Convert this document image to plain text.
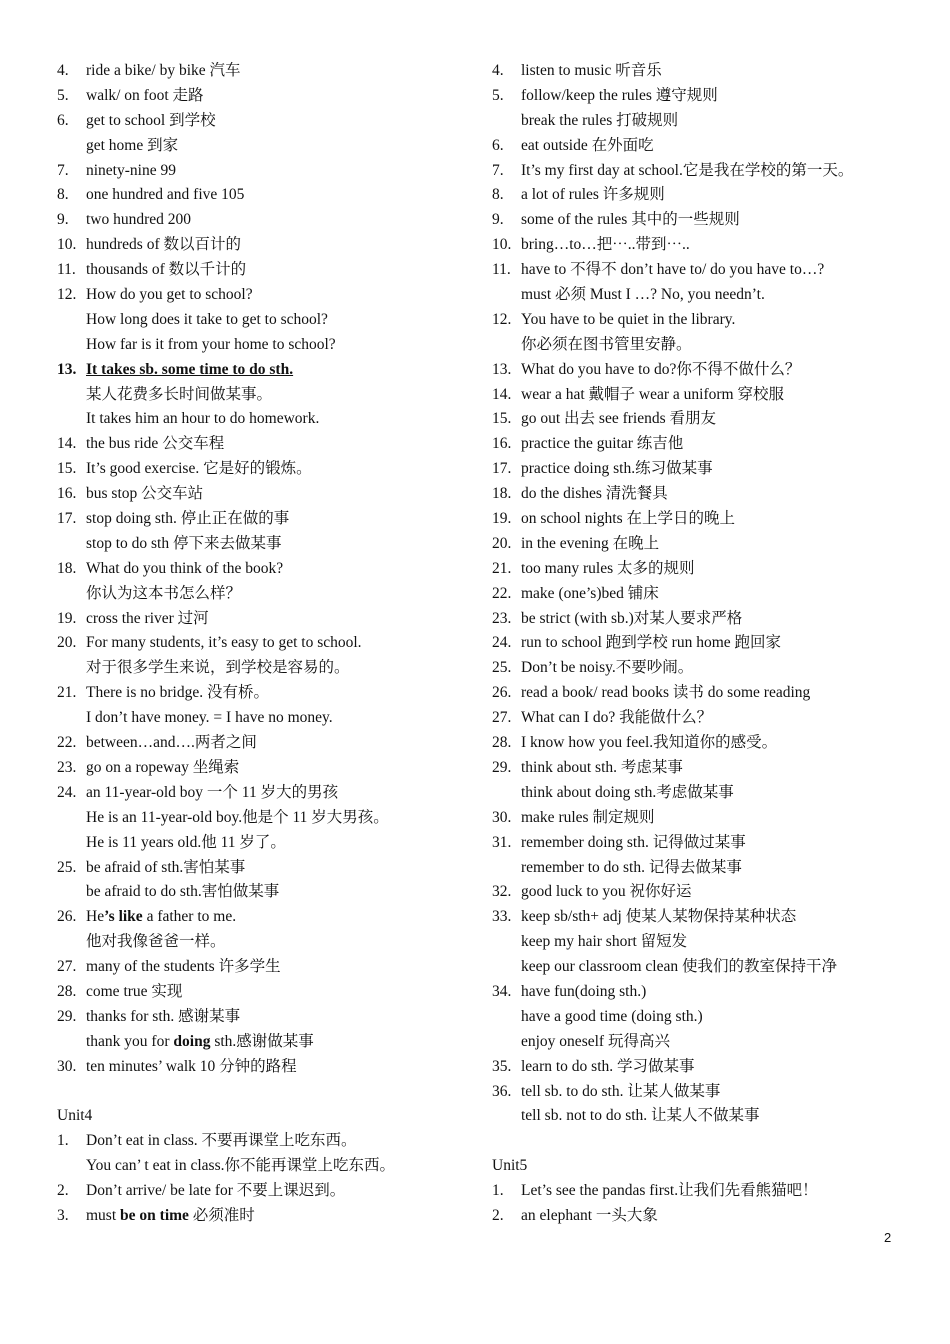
4. ride a bike/ by bike 汽车
5. walk/ on foot 走路
6. get to school 到学校
get home 到家
7. ninety-nine 99
8. one hundred and five 105
9. two hundred 200
10. hundreds of 数以百计的
11. thousands of 数以千计的
12. How do you get to school?
How long does it take to get to school?
How far is it from your home to school?
13. It takes sb. some time to do sth.
某人花费多长时间做某事。
It takes him an hour to do homework.
14. the bus ride 公交车程
15. It’s good exercise. 它是好的锻炼。
16. bus stop 公交车站
17. stop doing sth. 停止正在做的事
stop to do sth 停下来去做某事
18. What do you think of the book?
你认为这本书怎么样？
19. cross the river 过河
20. For many students, it’s easy to get to school.
对于很多学生来说，到学校是容易的。
21. There is no bridge. 没有桥。
I don’t have money. = I have no money.
22. between…and….两者之间
23. go on a ropeway 坐绳索
24. an 11-year-old boy 一个 11 岁大的男孩
He is an 11-year-old boy.他是个 11 岁大男孩。
He is 11 years old.他 11 岁了。
25. be afraid of sth.害怕某事
be afraid to do sth.害怕做某事
26. He’s like a father to me.
他对我像爸爸一样。
27. many of the students 许多学生
28. come true 实现
29. thanks for sth. 感谢某事
thank you for doing sth.感谢做某事
30. ten minutes’ walk 10 分钟的路程
Unit4
1. Don’t eat in class. 不要再课堂上吃东西。
You can’ t eat in class.你不能再课堂上吃东西。
2. Don’t arrive/ be late for 不要上课迟到。
3. must be on time 必须准时
4. listen to music 听音乐
5. follow/keep the rules 遵守规则
break the rules 打破规则
6. eat outside 在外面吃
7. It’s my first day at school.它是我在学校的第一天。
8. a lot of rules 许多规则
9. some of the rules 其中的一些规则
10. bring…to…把⋯..带到⋯..
11. have to 不得不 don’t have to/ do you have to…?
must 必须 Must I …? No, you needn’t.
12. You have to be quiet in the library.
你必须在图书管里安静。
13. What do you have to do?你不得不做什么？
14. wear a hat 戴帽子 wear a uniform 穿校服
15. go out 出去 see friends 看朋友
16. practice the guitar 练吉他
17. practice doing sth.练习做某事
18. do the dishes 清洗餐具
19. on school nights 在上学日的晚上
20. in the evening 在晚上
21. too many rules 太多的规则
22. make (one’s)bed 铺床
23. be strict (with sb.)对某人要求严格
24. run to school 跑到学校 run home 跑回家
25. Don’t be noisy.不要吵闹。
26. read a book/ read books 读书 do some reading
27. What can I do? 我能做什么？
28. I know how you feel.我知道你的感受。
29. think about sth. 考虑某事
think about doing sth.考虑做某事
30. make rules 制定规则
31. remember doing sth. 记得做过某事
remember to do sth. 记得去做某事
32. good luck to you 祝你好运
33. keep sb/sth+ adj 使某人某物保持某种状态
keep my hair short 留短发
keep our classroom clean 使我们的教室保持干净
34. have fun(doing sth.)
have a good time (doing sth.)
enjoy oneself 玩得高兴
35. learn to do sth. 学习做某事
36. tell sb. to do sth. 让某人做某事
tell sb. not to do sth. 让某人不做某事
Unit5
1. Let’s see the pandas first.让我们先看熊猫吧！
2. an elephant 一头大象
2
